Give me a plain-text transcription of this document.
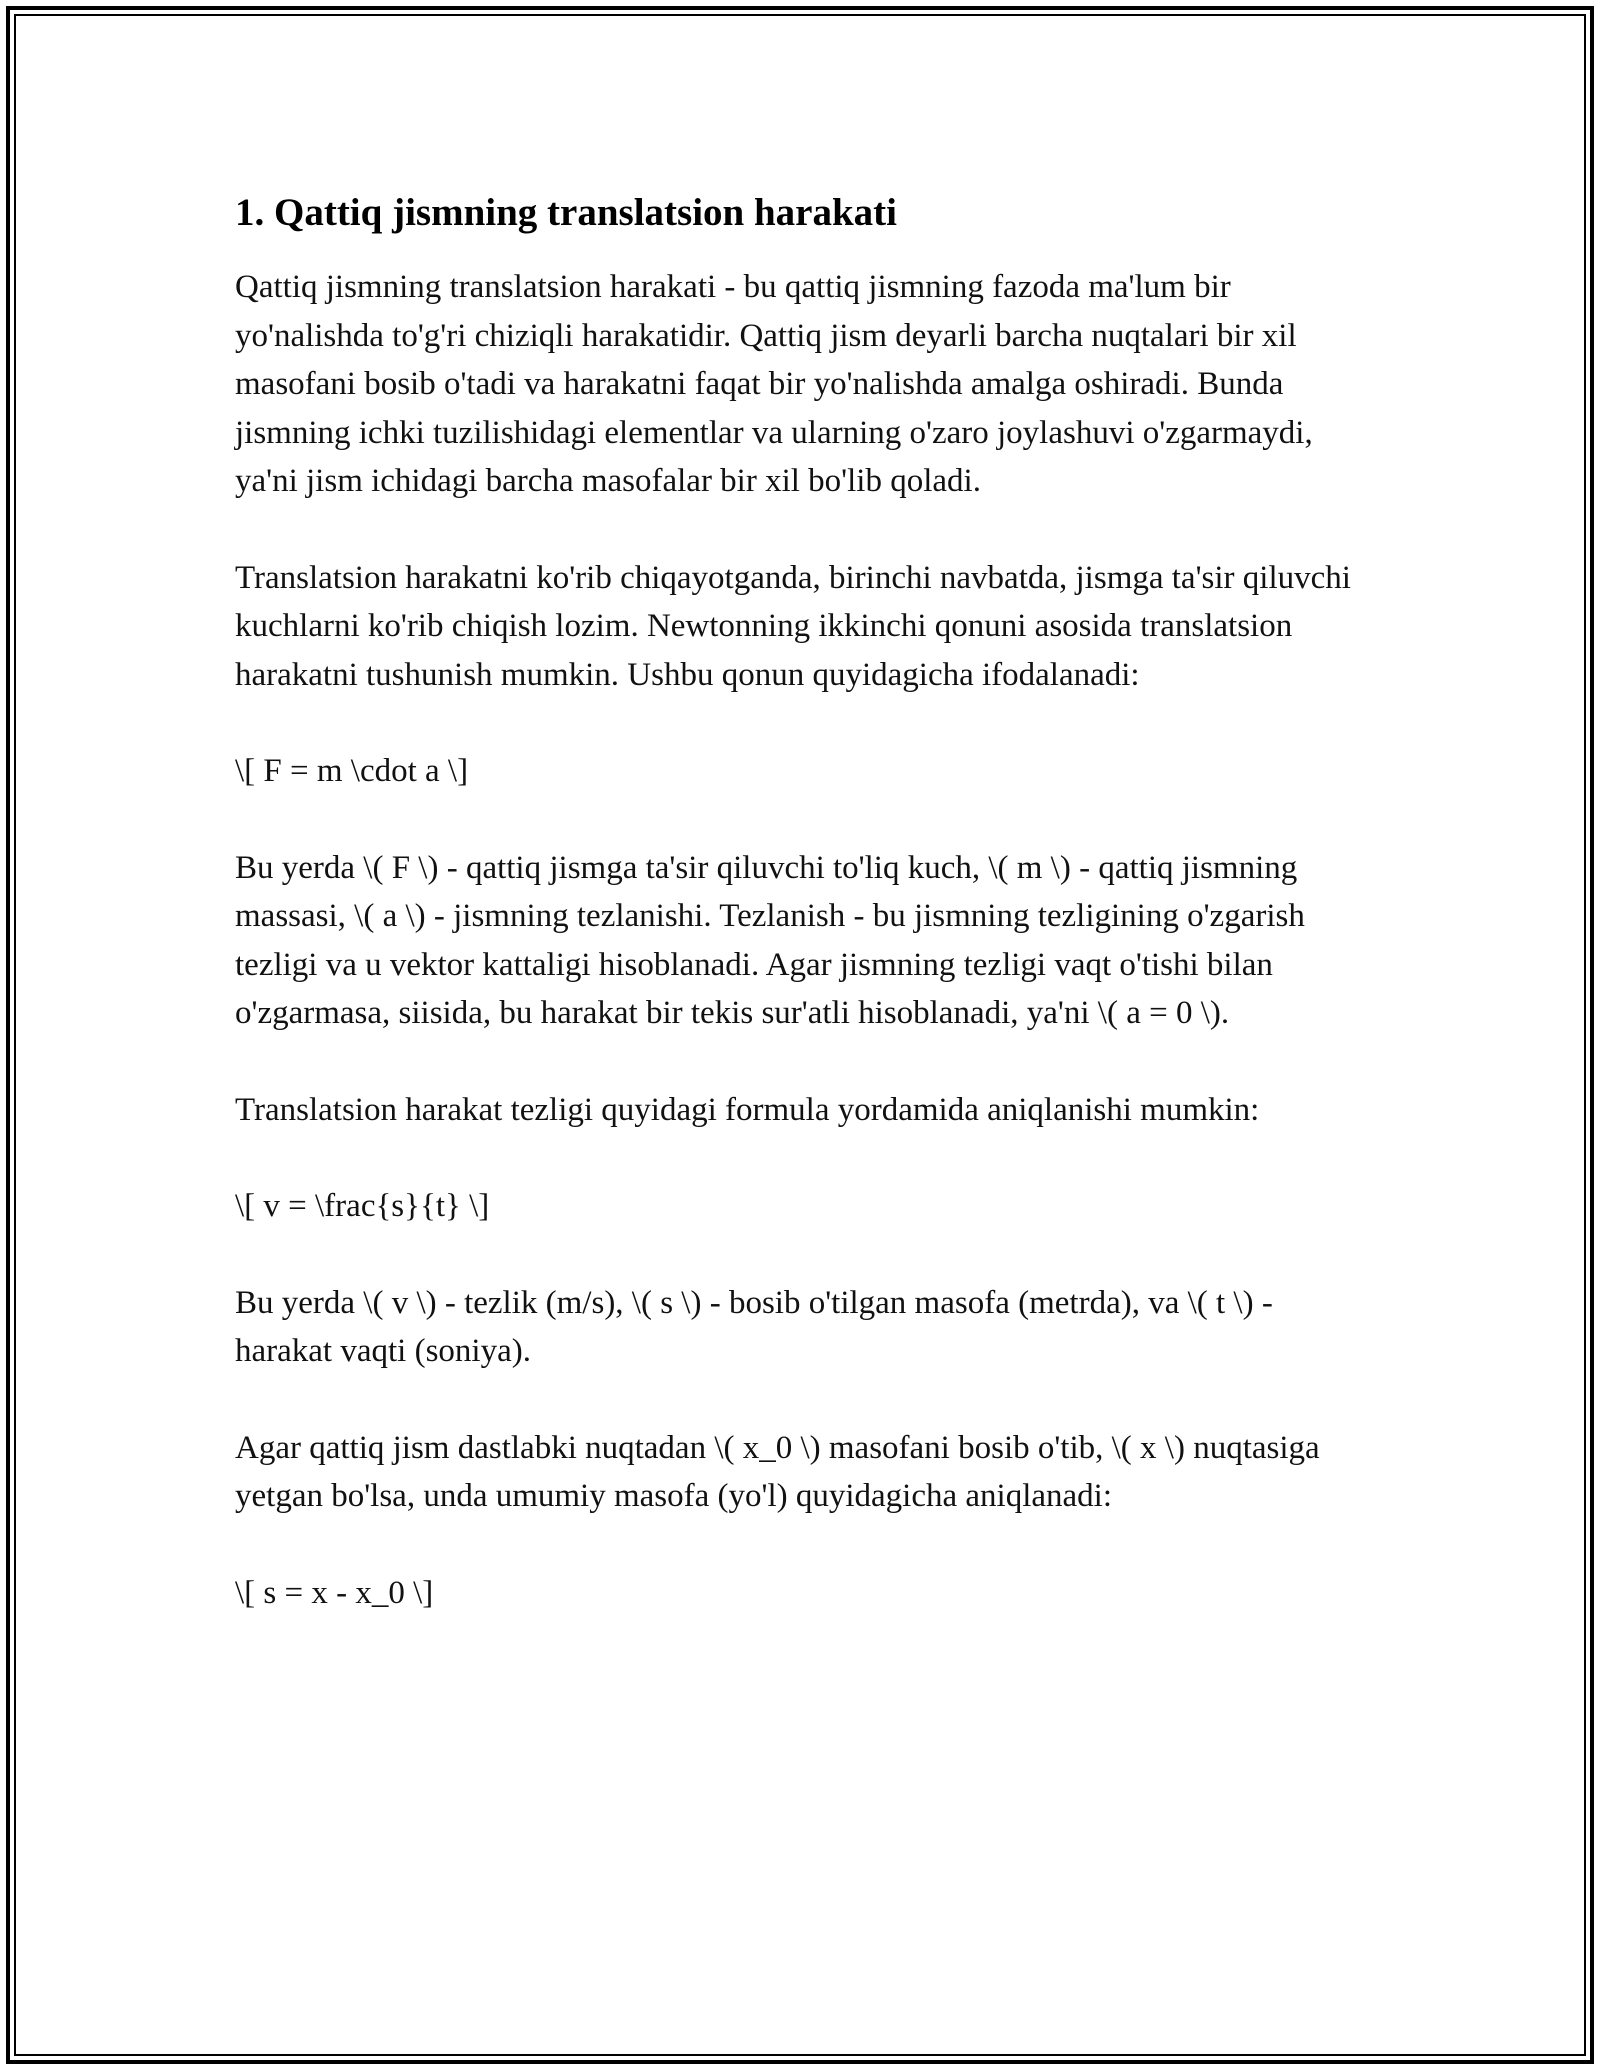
1. Qattiq jismning translatsion harakati

Qattiq jismning translatsion harakati - bu qattiq jismning fazoda ma'lum bir yo'nalishda to'g'ri chiziqli harakatidir. Qattiq jism deyarli barcha nuqtalari bir xil masofani bosib o'tadi va harakatni faqat bir yo'nalishda amalga oshiradi. Bunda jismning ichki tuzilishidagi elementlar va ularning o'zaro joylashuvi o'zgarmaydi, ya'ni jism ichidagi barcha masofalar bir xil bo'lib qoladi.

Translatsion harakatni ko'rib chiqayotganda, birinchi navbatda, jismga ta'sir qiluvchi kuchlarni ko'rib chiqish lozim. Newtonning ikkinchi qonuni asosida translatsion harakatni tushunish mumkin. Ushbu qonun quyidagicha ifodalanadi:

\[ F = m \cdot a \]

Bu yerda \( F \) - qattiq jismga ta'sir qiluvchi to'liq kuch, \( m \) - qattiq jismning massasi, \( a \) - jismning tezlanishi. Tezlanish - bu jismning tezligining o'zgarish tezligi va u vektor kattaligi hisoblanadi. Agar jismning tezligi vaqt o'tishi bilan o'zgarmasa, siisida, bu harakat bir tekis sur'atli hisoblanadi, ya'ni \( a = 0 \).

Translatsion harakat tezligi quyidagi formula yordamida aniqlanishi mumkin:

\[ v = \frac{s}{t} \]

Bu yerda \( v \) - tezlik (m/s), \( s \) - bosib o'tilgan masofa (metrda), va \( t \) - harakat vaqti (soniya).

Agar qattiq jism dastlabki nuqtadan \( x_0 \) masofani bosib o'tib, \( x \) nuqtasiga yetgan bo'lsa, unda umumiy masofa (yo'l) quyidagicha aniqlanadi:

\[ s = x - x_0 \]
